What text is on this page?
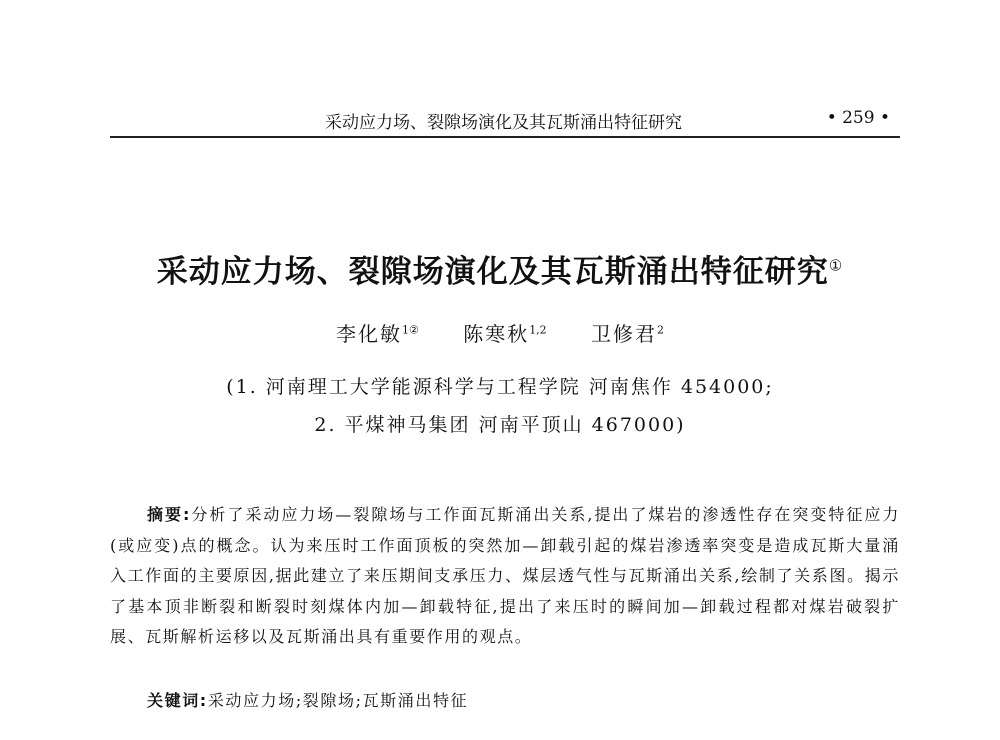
采动应力场、裂隙场演化及其瓦斯涌出特征研究	• 259 •
采动应力场、裂隙场演化及其瓦斯涌出特征研究①
李化敏$^{1②}$ 陈寒秋$^{1,2}$ 卫修君$^2$
(1. 河南理工大学能源科学与工程学院 河南焦作 454000;
2. 平煤神马集团 河南平顶山 467000)
摘要:分析了采动应力场—裂隙场与工作面瓦斯涌出关系,提出了煤岩的渗透性存在突变特征应力(或应变)点的概念。认为来压时工作面顶板的突然加—卸载引起的煤岩渗透率突变是造成瓦斯大量涌入工作面的主要原因,据此建立了来压期间支承压力、煤层透气性与瓦斯涌出关系,绘制了关系图。揭示了基本顶非断裂和断裂时刻煤体内加—卸载特征,提出了来压时的瞬间加—卸载过程都对煤岩破裂扩展、瓦斯解析运移以及瓦斯涌出具有重要作用的观点。
关键词:采动应力场;裂隙场;瓦斯涌出特征
